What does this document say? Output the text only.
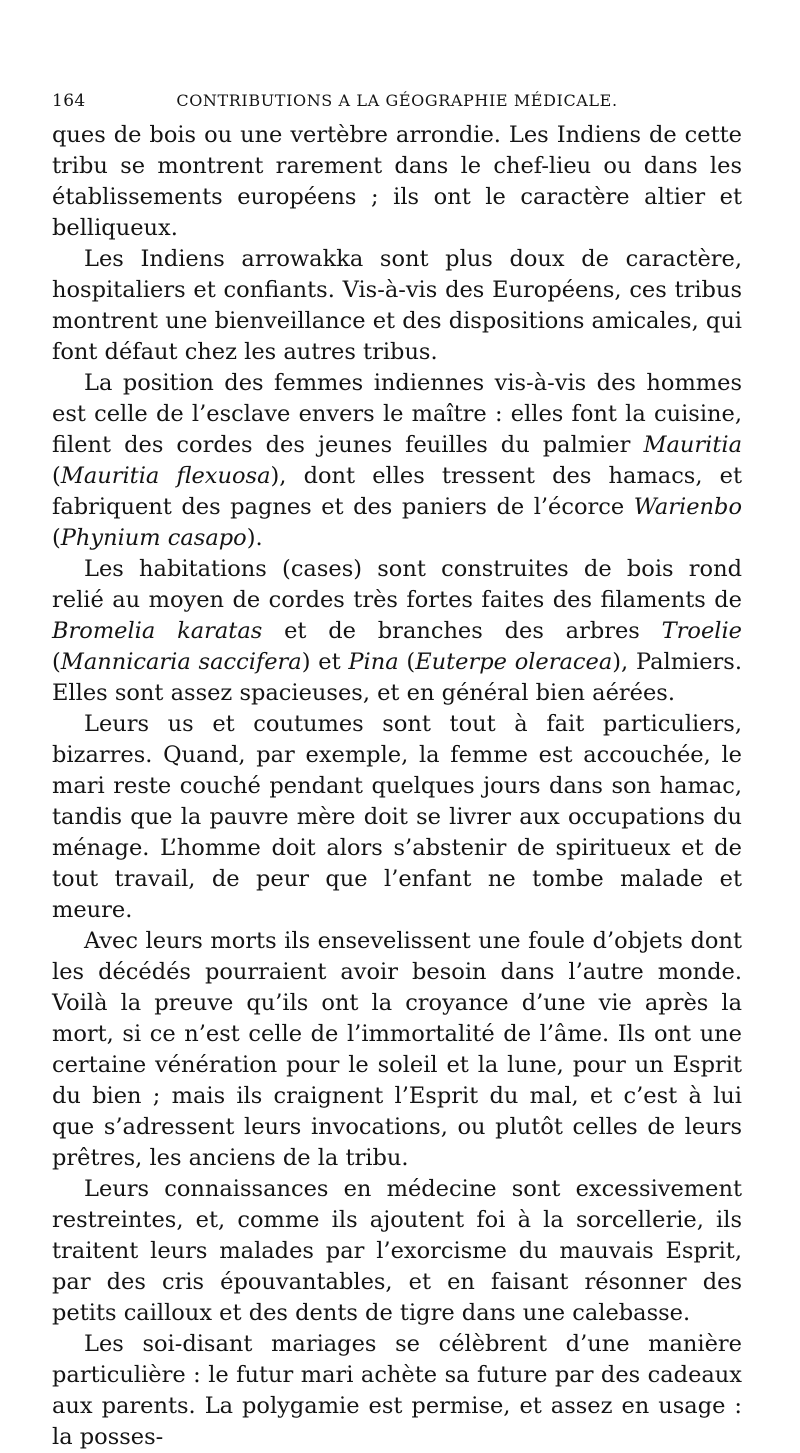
164	CONTRIBUTIONS A LA GÉOGRAPHIE MÉDICALE.

ques de bois ou une vertèbre arrondie. Les Indiens de cette tribu se montrent rarement dans le chef-lieu ou dans les établissements européens ; ils ont le caractère altier et belliqueux.

Les Indiens arrowakka sont plus doux de caractère, hospitaliers et confiants. Vis-à-vis des Européens, ces tribus montrent une bienveillance et des dispositions amicales, qui font défaut chez les autres tribus.

La position des femmes indiennes vis-à-vis des hommes est celle de l’esclave envers le maître : elles font la cuisine, filent des cordes des jeunes feuilles du palmier Mauritia (Mauritia flexuosa), dont elles tressent des hamacs, et fabriquent des pagnes et des paniers de l’écorce Warienbo (Phynium casapo).

Les habitations (cases) sont construites de bois rond relié au moyen de cordes très fortes faites des filaments de Bromelia karatas et de branches des arbres Troelie (Mannicaria saccifera) et Pina (Euterpe oleracea), Palmiers. Elles sont assez spacieuses, et en général bien aérées.

Leurs us et coutumes sont tout à fait particuliers, bizarres. Quand, par exemple, la femme est accouchée, le mari reste couché pendant quelques jours dans son hamac, tandis que la pauvre mère doit se livrer aux occupations du ménage. L’homme doit alors s’abstenir de spiritueux et de tout travail, de peur que l’enfant ne tombe malade et meure.

Avec leurs morts ils ensevelissent une foule d’objets dont les décédés pourraient avoir besoin dans l’autre monde. Voilà la preuve qu’ils ont la croyance d’une vie après la mort, si ce n’est celle de l’immortalité de l’âme. Ils ont une certaine vénération pour le soleil et la lune, pour un Esprit du bien ; mais ils craignent l’Esprit du mal, et c’est à lui que s’adressent leurs invocations, ou plutôt celles de leurs prêtres, les anciens de la tribu.

Leurs connaissances en médecine sont excessivement restreintes, et, comme ils ajoutent foi à la sorcellerie, ils traitent leurs malades par l’exorcisme du mauvais Esprit, par des cris épouvantables, et en faisant résonner des petits cailloux et des dents de tigre dans une calebasse.

Les soi-disant mariages se célèbrent d’une manière particulière : le futur mari achète sa future par des cadeaux aux parents. La polygamie est permise, et assez en usage : la posses-
